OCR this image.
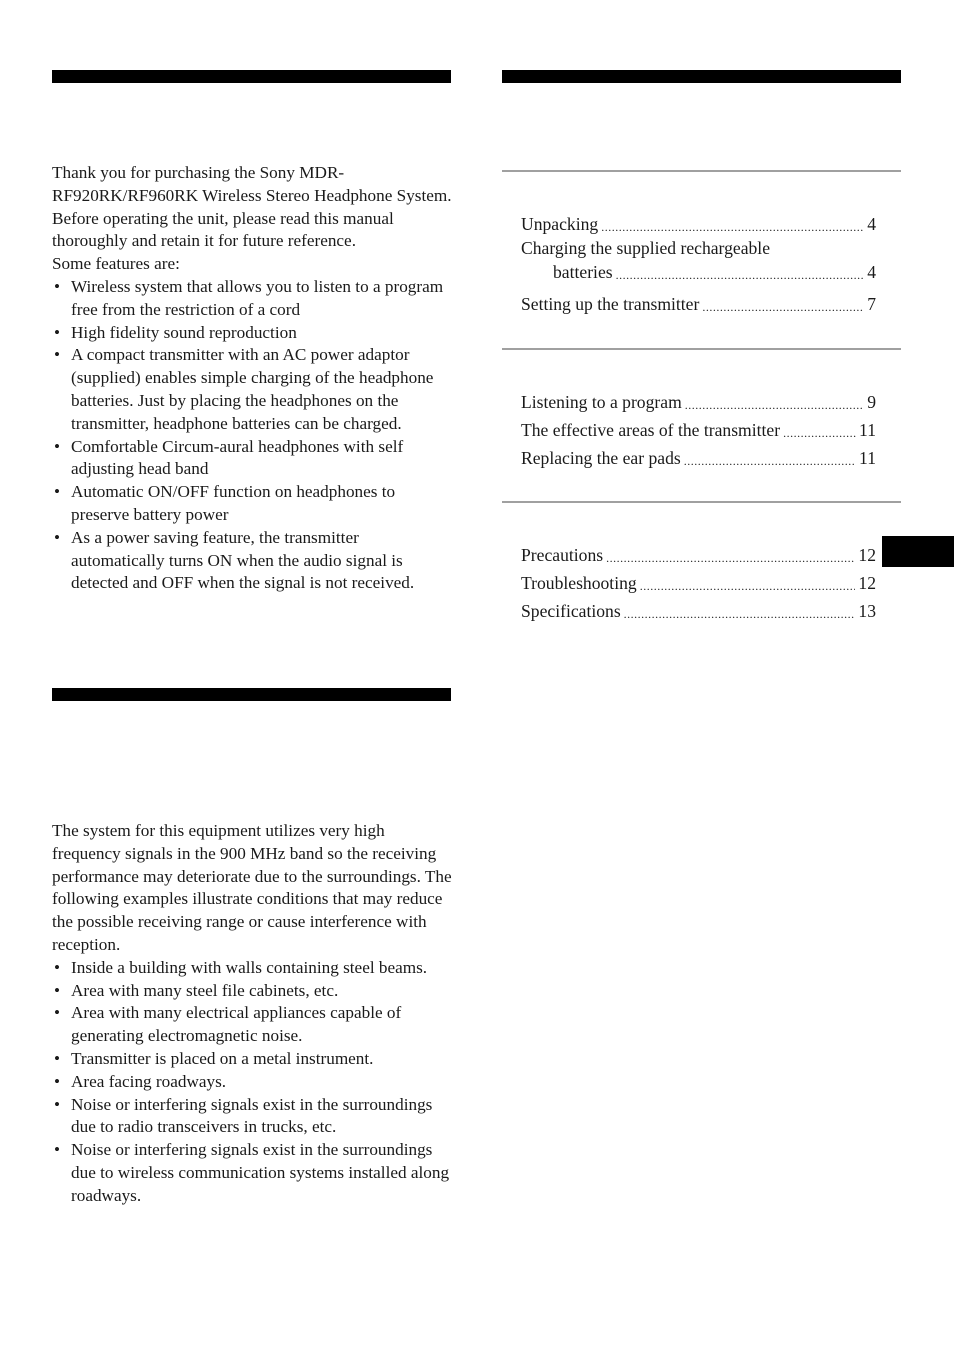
Thank you for purchasing the Sony MDR-RF920RK/RF960RK Wireless Stereo Headphone System. Before operating the unit, please read this manual thoroughly and retain it for future reference.

Some features are:

• Wireless system that allows you to listen to a program free from the restriction of a cord
• High fidelity sound reproduction
• A compact transmitter with an AC power adaptor (supplied) enables simple charging of the headphone batteries. Just by placing the headphones on the transmitter, headphone batteries can be charged.
• Comfortable Circum-aural headphones with self adjusting head band
• Automatic ON/OFF function on headphones to preserve battery power
• As a power saving feature, the transmitter automatically turns ON when the audio signal is detected and OFF when the signal is not received.

The system for this equipment utilizes very high frequency signals in the 900 MHz band so the receiving performance may deteriorate due to the surroundings. The following examples illustrate conditions that may reduce the possible receiving range or cause interference with reception.

• Inside a building with walls containing steel beams.
• Area with many steel file cabinets, etc.
• Area with many electrical appliances capable of generating electromagnetic noise.
• Transmitter is placed on a metal instrument.
• Area facing roadways.
• Noise or interfering signals exist in the surroundings due to radio transceivers in trucks, etc.
• Noise or interfering signals exist in the surroundings due to wireless communication systems installed along roadways.
Unpacking .....	4
Charging the supplied rechargeable
batteries .....	4
Setting up the transmitter .....	7
Listening to a program .....	9
The effective areas of the transmitter .....	11
Replacing the ear pads .....	11
Precautions .....	12
Troubleshooting .....	12
Specifications .....	13
